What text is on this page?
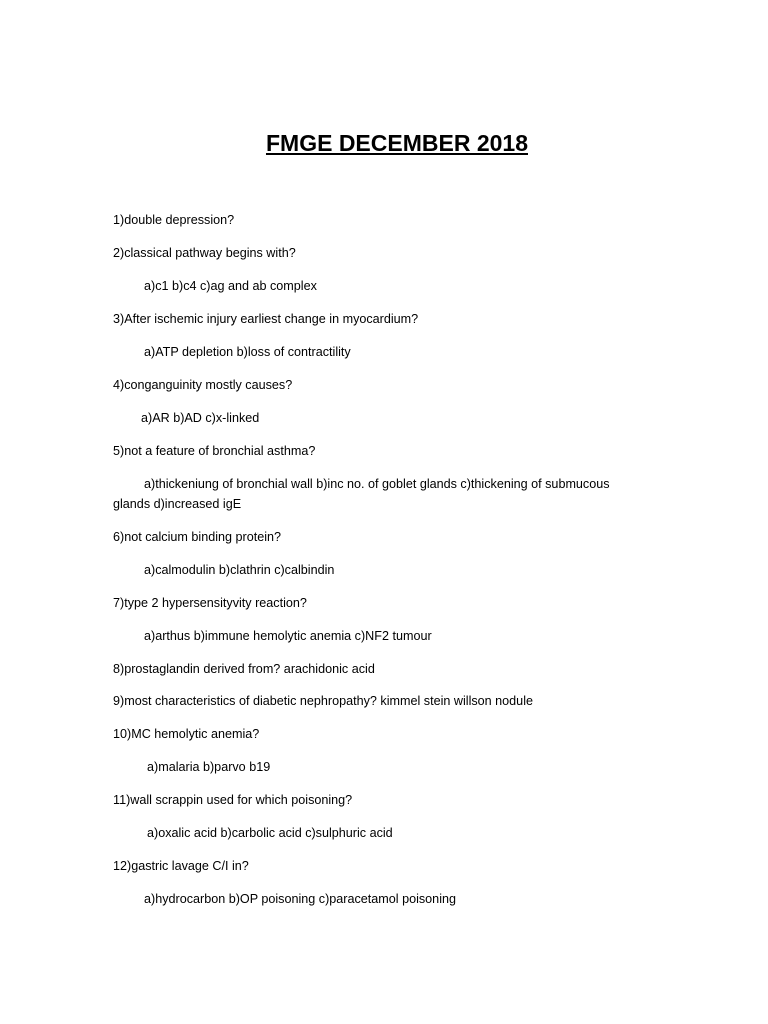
FMGE DECEMBER 2018
1)double depression?
2)classical pathway begins with?
a)c1 b)c4 c)ag and ab complex
3)After ischemic injury earliest change in myocardium?
a)ATP depletion b)loss of contractility
4)conganguinity mostly causes?
a)AR b)AD c)x-linked
5)not a feature of bronchial asthma?
a)thickeniung of bronchial wall b)inc no. of goblet glands c)thickening of submucous
glands d)increased igE
6)not calcium binding protein?
a)calmodulin b)clathrin c)calbindin
7)type 2 hypersensityvity reaction?
a)arthus b)immune hemolytic anemia c)NF2 tumour
8)prostaglandin derived from? arachidonic acid
9)most characteristics of diabetic nephropathy? kimmel stein willson nodule
10)MC hemolytic anemia?
a)malaria b)parvo b19
11)wall scrappin used for which poisoning?
a)oxalic acid b)carbolic acid c)sulphuric acid
12)gastric lavage C/I in?
a)hydrocarbon b)OP poisoning c)paracetamol poisoning
